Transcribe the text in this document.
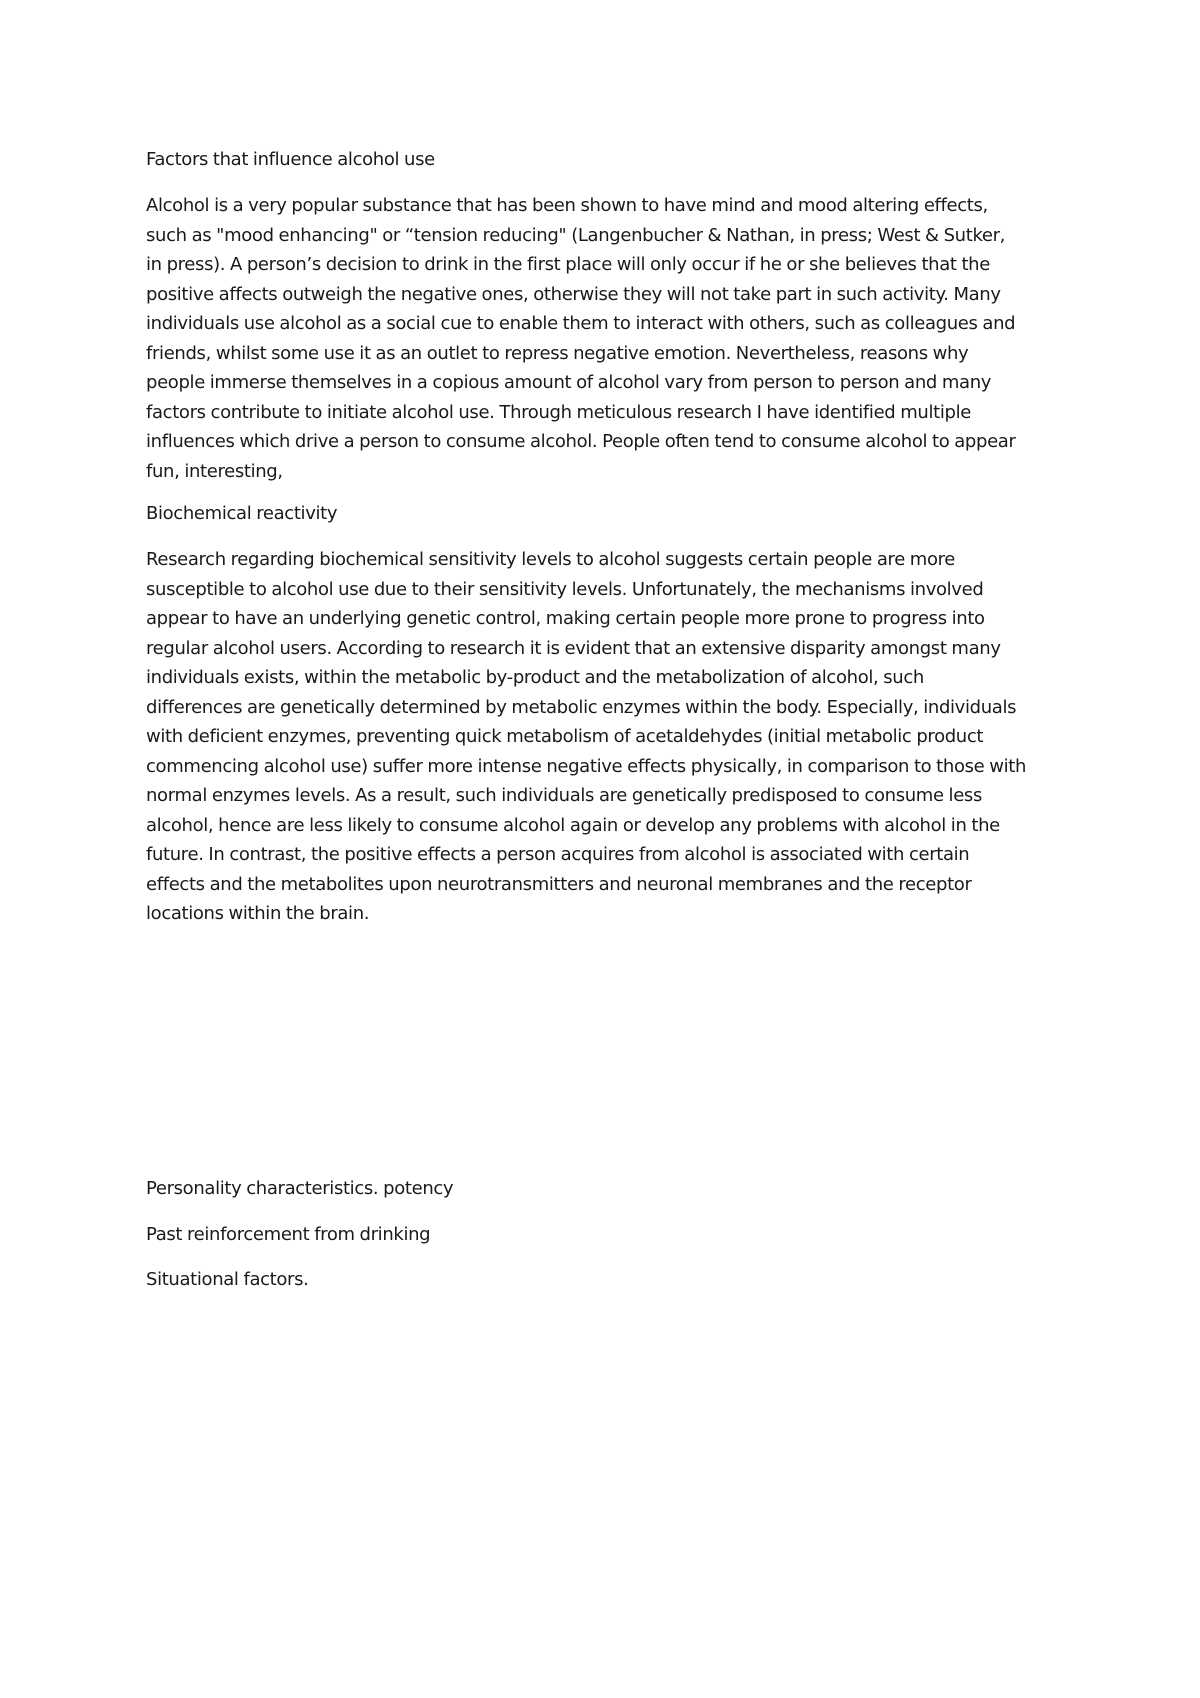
Factors that influence alcohol use

Alcohol is a very popular substance that has been shown to have mind and mood altering effects,
such as "mood enhancing" or “tension reducing" (Langenbucher & Nathan, in press; West & Sutker,
in press). A person’s decision to drink in the first place will only occur if he or she believes that the
positive affects outweigh the negative ones, otherwise they will not take part in such activity. Many
individuals use alcohol as a social cue to enable them to interact with others, such as colleagues and
friends, whilst some use it as an outlet to repress negative emotion. Nevertheless, reasons why
people immerse themselves in a copious amount of alcohol vary from person to person and many
factors contribute to initiate alcohol use. Through meticulous research I have identified multiple
influences which drive a person to consume alcohol. People often tend to consume alcohol to appear
fun, interesting,

Biochemical reactivity

Research regarding biochemical sensitivity levels to alcohol suggests certain people are more
susceptible to alcohol use due to their sensitivity levels. Unfortunately, the mechanisms involved
appear to have an underlying genetic control, making certain people more prone to progress into
regular alcohol users. According to research it is evident that an extensive disparity amongst many
individuals exists, within the metabolic by-product and the metabolization of alcohol, such
differences are genetically determined by metabolic enzymes within the body. Especially, individuals
with deficient enzymes, preventing quick metabolism of acetaldehydes (initial metabolic product
commencing alcohol use) suffer more intense negative effects physically, in comparison to those with
normal enzymes levels. As a result, such individuals are genetically predisposed to consume less
alcohol, hence are less likely to consume alcohol again or develop any problems with alcohol in the
future. In contrast, the positive effects a person acquires from alcohol is associated with certain
effects and the metabolites upon neurotransmitters and neuronal membranes and the receptor
locations within the brain.

Personality characteristics. potency

Past reinforcement from drinking

Situational factors.
